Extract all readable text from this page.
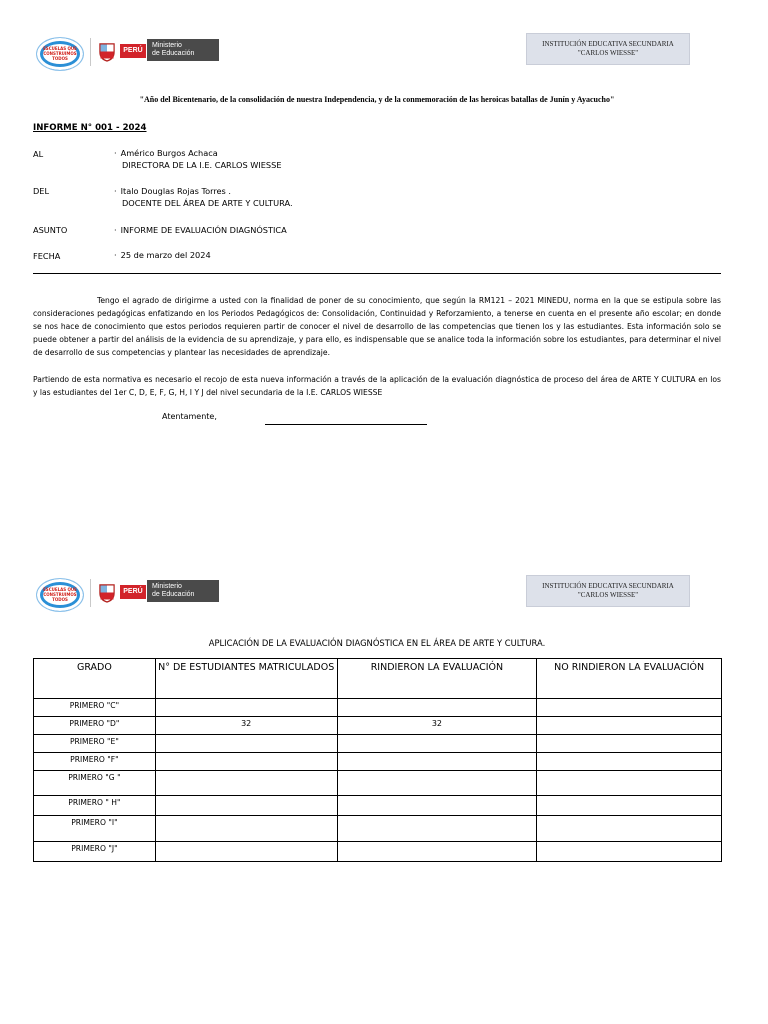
ESCUELAS QUE CONSTRUIMOS TODOS
PERÚ
Ministerio
de Educación
INSTITUCIÓN EDUCATIVA SECUNDARIA
"CARLOS WIESSE"
"Año del Bicentenario, de la consolidación de nuestra Independencia, y de la conmemoración de las heroicas batallas de Junín y Ayacucho"
INFORME N° 001 - 2024
AL	· Américo Burgos Achaca
DIRECTORA DE LA I.E. CARLOS WIESSE
DEL	· Italo Douglas Rojas Torres .
DOCENTE DEL ÁREA DE ARTE Y CULTURA.
ASUNTO	· INFORME DE EVALUACIÓN DIAGNÓSTICA
FECHA	· 25 de marzo del 2024

Tengo el agrado de dirigirme a usted con la finalidad de poner de su conocimiento, que según la RM121 – 2021 MINEDU, norma en la que se estipula sobre las consideraciones pedagógicas enfatizando en los Periodos Pedagógicos de: Consolidación, Continuidad y Reforzamiento, a tenerse en cuenta en el presente año escolar; en donde se nos hace de conocimiento que estos periodos requieren partir de conocer el nivel de desarrollo de las competencias que tienen los y las estudiantes. Esta información solo se puede obtener a partir del análisis de la evidencia de su aprendizaje, y para ello, es indispensable que se analice toda la información sobre los estudiantes, para determinar el nivel de desarrollo de sus competencias y plantear las necesidades de aprendizaje.

Partiendo de esta normativa es necesario el recojo de esta nueva información a través de la aplicación de la evaluación diagnóstica de proceso del área de ARTE Y CULTURA en los y las estudiantes del 1er C, D, E, F, G, H, I Y J del nivel secundaria de la I.E. CARLOS WIESSE

Atentamente,
ESCUELAS QUE CONSTRUIMOS TODOS
PERÚ
Ministerio
de Educación
INSTITUCIÓN EDUCATIVA SECUNDARIA
"CARLOS WIESSE"
APLICACIÓN DE LA EVALUACIÓN DIAGNÓSTICA EN EL ÁREA DE ARTE Y CULTURA.
GRADO	N° DE ESTUDIANTES MATRICULADOS	RINDIERON LA EVALUACIÓN	NO RINDIERON LA EVALUACIÓN
PRIMERO "C"			
PRIMERO "D"	32	32	
PRIMERO "E"			
PRIMERO "F"			
PRIMERO "G "			
PRIMERO " H"			
PRIMERO "I"			
PRIMERO "J"			
